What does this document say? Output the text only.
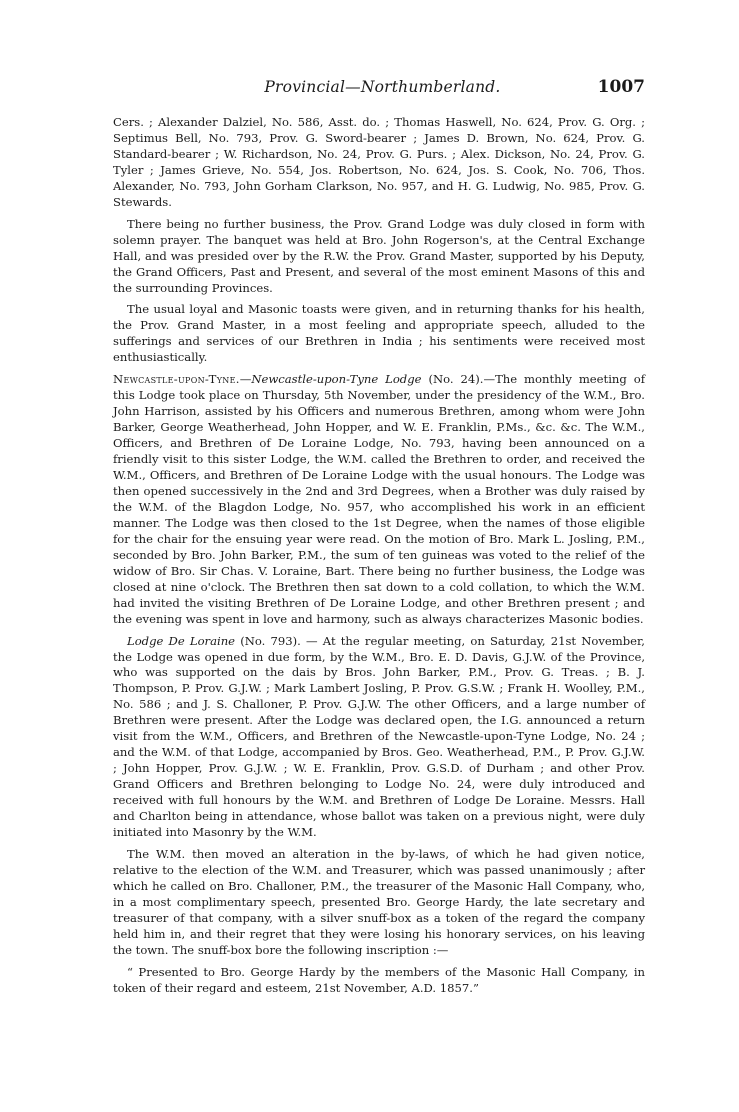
Provincial—Northumberland.	1007

Cers. ; Alexander Dalziel, No. 586, Asst. do. ; Thomas Haswell, No. 624, Prov. G. Org. ; Septimus Bell, No. 793, Prov. G. Sword-bearer ; James D. Brown, No. 624, Prov. G. Standard-bearer ; W. Richardson, No. 24, Prov. G. Purs. ; Alex. Dickson, No. 24, Prov. G. Tyler ; James Grieve, No. 554, Jos. Robertson, No. 624, Jos. S. Cook, No. 706, Thos. Alexander, No. 793, John Gorham Clarkson, No. 957, and H. G. Ludwig, No. 985, Prov. G. Stewards.

There being no further business, the Prov. Grand Lodge was duly closed in form with solemn prayer. The banquet was held at Bro. John Rogerson's, at the Central Exchange Hall, and was presided over by the R.W. the Prov. Grand Master, supported by his Deputy, the Grand Officers, Past and Present, and several of the most eminent Masons of this and the surrounding Provinces.

The usual loyal and Masonic toasts were given, and in returning thanks for his health, the Prov. Grand Master, in a most feeling and appropriate speech, alluded to the sufferings and services of our Brethren in India ; his sentiments were received most enthusiastically.

Newcastle-upon-Tyne.—Newcastle-upon-Tyne Lodge (No. 24).—The monthly meeting of this Lodge took place on Thursday, 5th November, under the presidency of the W.M., Bro. John Harrison, assisted by his Officers and numerous Brethren, among whom were John Barker, George Weatherhead, John Hopper, and W. E. Franklin, P.Ms., &c. &c. The W.M., Officers, and Brethren of De Loraine Lodge, No. 793, having been announced on a friendly visit to this sister Lodge, the W.M. called the Brethren to order, and received the W.M., Officers, and Brethren of De Loraine Lodge with the usual honours. The Lodge was then opened successively in the 2nd and 3rd Degrees, when a Brother was duly raised by the W.M. of the Blagdon Lodge, No. 957, who accomplished his work in an efficient manner. The Lodge was then closed to the 1st Degree, when the names of those eligible for the chair for the ensuing year were read. On the motion of Bro. Mark L. Josling, P.M., seconded by Bro. John Barker, P.M., the sum of ten guineas was voted to the relief of the widow of Bro. Sir Chas. V. Loraine, Bart. There being no further business, the Lodge was closed at nine o'clock. The Brethren then sat down to a cold collation, to which the W.M. had invited the visiting Brethren of De Loraine Lodge, and other Brethren present ; and the evening was spent in love and harmony, such as always characterizes Masonic bodies.

Lodge De Loraine (No. 793). — At the regular meeting, on Saturday, 21st November, the Lodge was opened in due form, by the W.M., Bro. E. D. Davis, G.J.W. of the Province, who was supported on the dais by Bros. John Barker, P.M., Prov. G. Treas. ; B. J. Thompson, P. Prov. G.J.W. ; Mark Lambert Josling, P. Prov. G.S.W. ; Frank H. Woolley, P.M., No. 586 ; and J. S. Challoner, P. Prov. G.J.W. The other Officers, and a large number of Brethren were present. After the Lodge was declared open, the I.G. announced a return visit from the W.M., Officers, and Brethren of the Newcastle-upon-Tyne Lodge, No. 24 ; and the W.M. of that Lodge, accompanied by Bros. Geo. Weatherhead, P.M., P. Prov. G.J.W. ; John Hopper, Prov. G.J.W. ; W. E. Franklin, Prov. G.S.D. of Durham ; and other Prov. Grand Officers and Brethren belonging to Lodge No. 24, were duly introduced and received with full honours by the W.M. and Brethren of Lodge De Loraine. Messrs. Hall and Charlton being in attendance, whose ballot was taken on a previous night, were duly initiated into Masonry by the W.M.

The W.M. then moved an alteration in the by-laws, of which he had given notice, relative to the election of the W.M. and Treasurer, which was passed unanimously ; after which he called on Bro. Challoner, P.M., the treasurer of the Masonic Hall Company, who, in a most complimentary speech, presented Bro. George Hardy, the late secretary and treasurer of that company, with a silver snuff-box as a token of the regard the company held him in, and their regret that they were losing his honorary services, on his leaving the town. The snuff-box bore the following inscription :—

“ Presented to Bro. George Hardy by the members of the Masonic Hall Company, in token of their regard and esteem, 21st November, A.D. 1857.”
